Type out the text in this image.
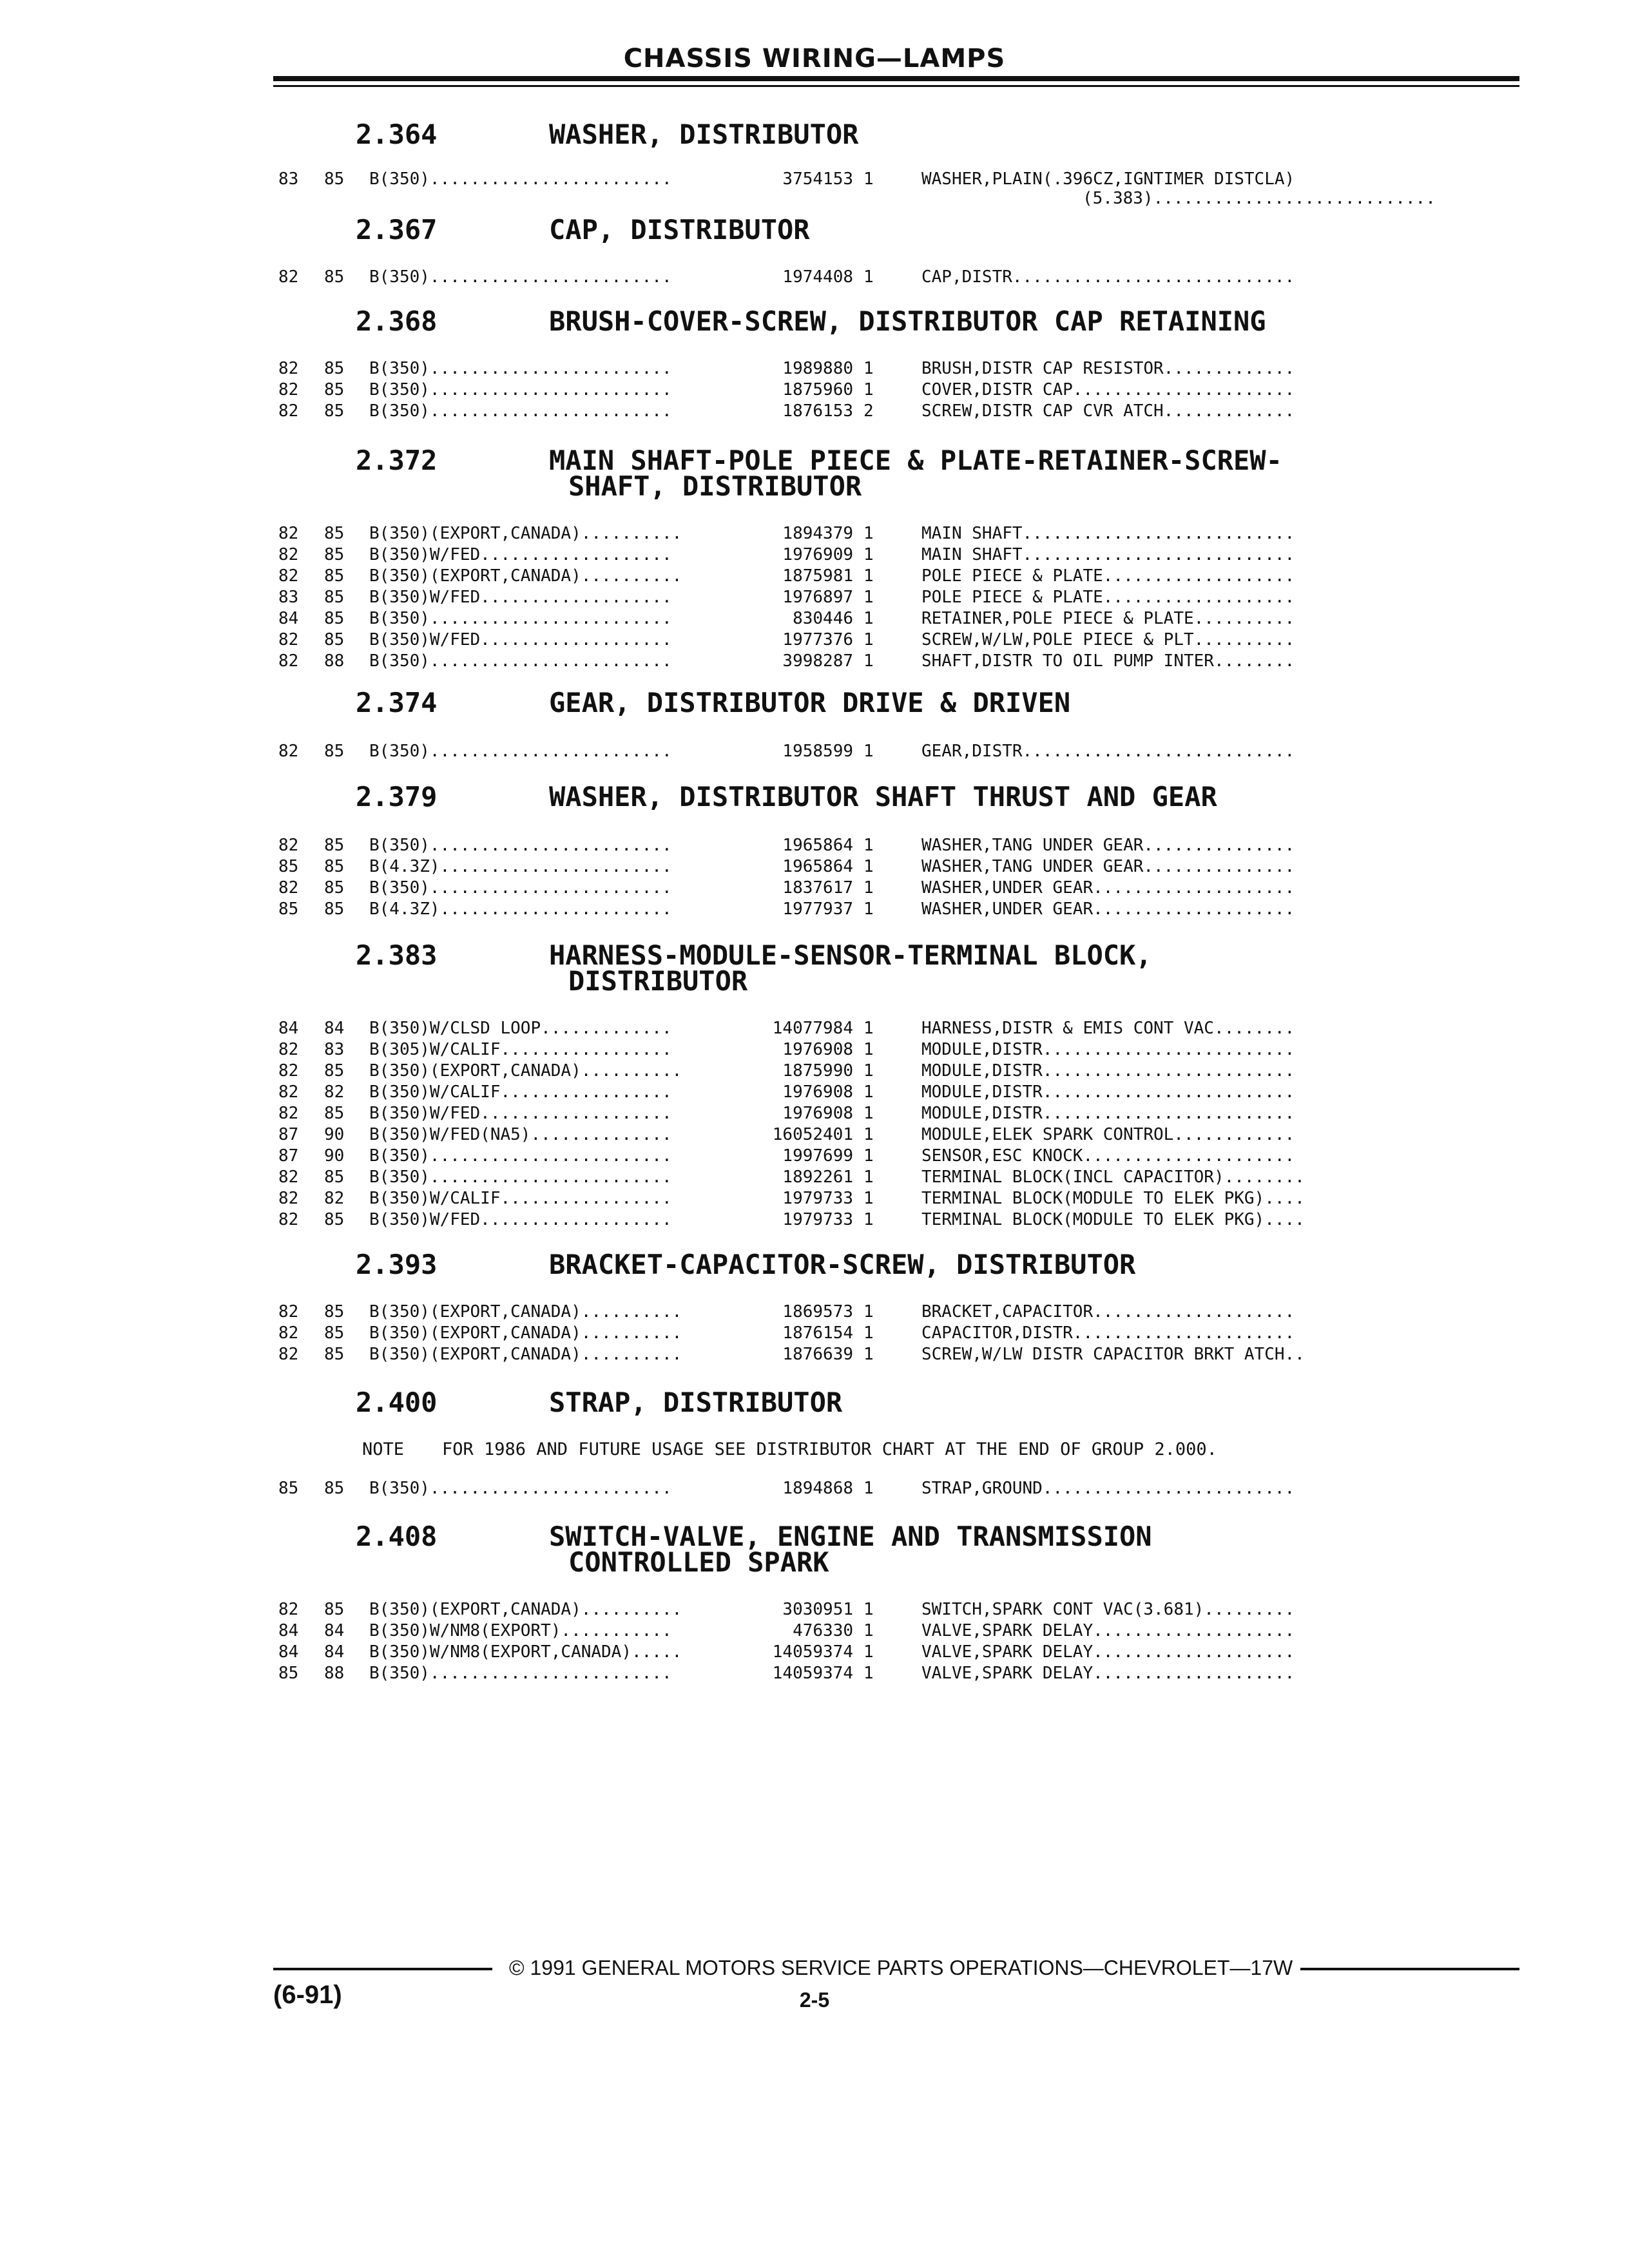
CHASSIS WIRING—LAMPS
2.364	WASHER, DISTRIBUTOR
83 85 B(350)........................	3754153 1	WASHER,PLAIN(.396CZ,IGNTIMER DISTCLA)
(5.383)............................
2.367	CAP, DISTRIBUTOR
82 85 B(350)........................	1974408 1	CAP,DISTR............................
2.368	BRUSH-COVER-SCREW, DISTRIBUTOR CAP RETAINING
82 85 B(350)........................	1989880 1	BRUSH,DISTR CAP RESISTOR.............
82 85 B(350)........................	1875960 1	COVER,DISTR CAP......................
82 85 B(350)........................	1876153 2	SCREW,DISTR CAP CVR ATCH.............
2.372	MAIN SHAFT-POLE PIECE & PLATE-RETAINER-SCREW-
SHAFT, DISTRIBUTOR
82 85 B(350)(EXPORT,CANADA)..........	1894379 1	MAIN SHAFT...........................
82 85 B(350)W/FED...................	1976909 1	MAIN SHAFT...........................
82 85 B(350)(EXPORT,CANADA)..........	1875981 1	POLE PIECE & PLATE...................
83 85 B(350)W/FED...................	1976897 1	POLE PIECE & PLATE...................
84 85 B(350)........................	830446 1	RETAINER,POLE PIECE & PLATE..........
82 85 B(350)W/FED...................	1977376 1	SCREW,W/LW,POLE PIECE & PLT..........
82 88 B(350)........................	3998287 1	SHAFT,DISTR TO OIL PUMP INTER........
2.374	GEAR, DISTRIBUTOR DRIVE & DRIVEN
82 85 B(350)........................	1958599 1	GEAR,DISTR...........................
2.379	WASHER, DISTRIBUTOR SHAFT THRUST AND GEAR
82 85 B(350)........................	1965864 1	WASHER,TANG UNDER GEAR...............
85 85 B(4.3Z).......................	1965864 1	WASHER,TANG UNDER GEAR...............
82 85 B(350)........................	1837617 1	WASHER,UNDER GEAR....................
85 85 B(4.3Z).......................	1977937 1	WASHER,UNDER GEAR....................
2.383	HARNESS-MODULE-SENSOR-TERMINAL BLOCK,
DISTRIBUTOR
84 84 B(350)W/CLSD LOOP.............	14077984 1	HARNESS,DISTR & EMIS CONT VAC........
82 83 B(305)W/CALIF.................	1976908 1	MODULE,DISTR.........................
82 85 B(350)(EXPORT,CANADA)..........	1875990 1	MODULE,DISTR.........................
82 82 B(350)W/CALIF.................	1976908 1	MODULE,DISTR.........................
82 85 B(350)W/FED...................	1976908 1	MODULE,DISTR.........................
87 90 B(350)W/FED(NA5)..............	16052401 1	MODULE,ELEK SPARK CONTROL............
87 90 B(350)........................	1997699 1	SENSOR,ESC KNOCK.....................
82 85 B(350)........................	1892261 1	TERMINAL BLOCK(INCL CAPACITOR)........
82 82 B(350)W/CALIF.................	1979733 1	TERMINAL BLOCK(MODULE TO ELEK PKG)....
82 85 B(350)W/FED...................	1979733 1	TERMINAL BLOCK(MODULE TO ELEK PKG)....
2.393	BRACKET-CAPACITOR-SCREW, DISTRIBUTOR
82 85 B(350)(EXPORT,CANADA)..........	1869573 1	BRACKET,CAPACITOR....................
82 85 B(350)(EXPORT,CANADA)..........	1876154 1	CAPACITOR,DISTR......................
82 85 B(350)(EXPORT,CANADA)..........	1876639 1	SCREW,W/LW DISTR CAPACITOR BRKT ATCH..
2.400	STRAP, DISTRIBUTOR
NOTE FOR 1986 AND FUTURE USAGE SEE DISTRIBUTOR CHART AT THE END OF GROUP 2.000.
85 85 B(350)........................	1894868 1	STRAP,GROUND.........................
2.408	SWITCH-VALVE, ENGINE AND TRANSMISSION
CONTROLLED SPARK
82 85 B(350)(EXPORT,CANADA)..........	3030951 1	SWITCH,SPARK CONT VAC(3.681).........
84 84 B(350)W/NM8(EXPORT)...........	476330 1	VALVE,SPARK DELAY....................
84 84 B(350)W/NM8(EXPORT,CANADA).....	14059374 1	VALVE,SPARK DELAY....................
85 88 B(350)........................	14059374 1	VALVE,SPARK DELAY....................
© 1991 GENERAL MOTORS SERVICE PARTS OPERATIONS—CHEVROLET—17W
(6-91)	2-5
